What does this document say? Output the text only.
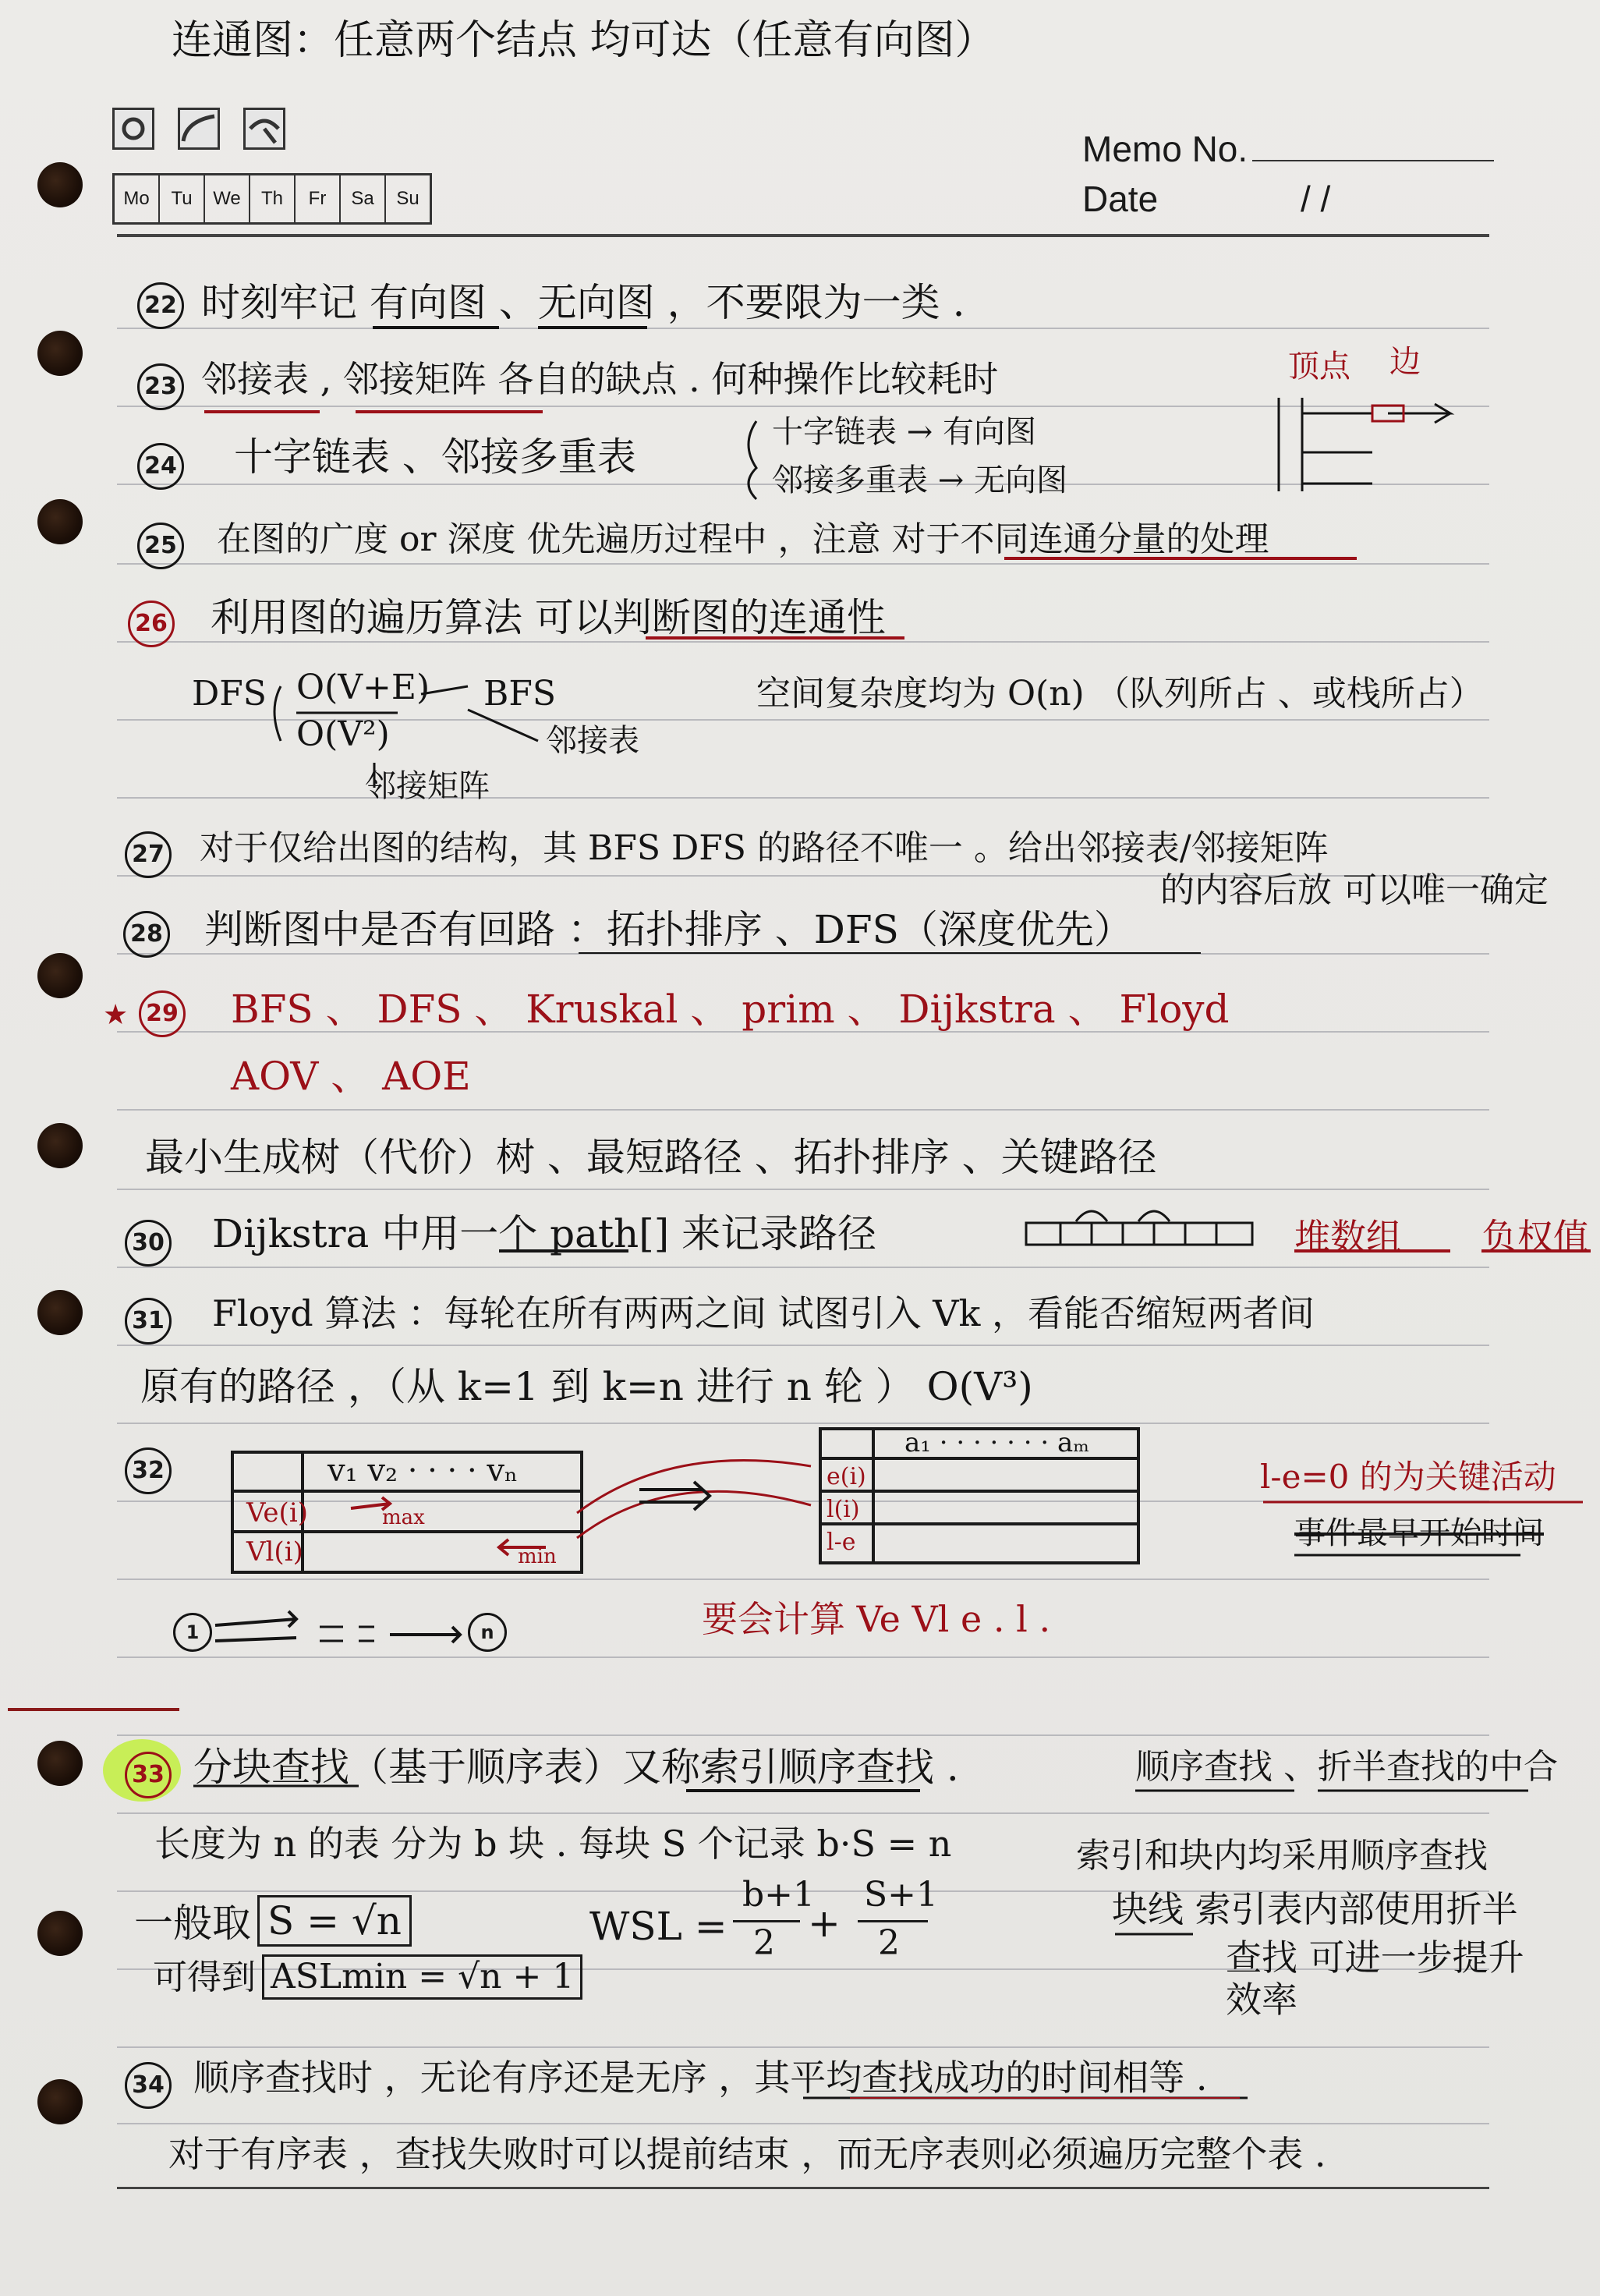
连通图：任意两个结点 均可达（任意有向图）
Mo	Tu	We	Th	Fr	Sa	Su
Memo No.
Date	/ /
22 时刻牢记 有向图 、无向图 ，不要限为一类 .
23 邻接表 , 邻接矩阵 各自的缺点 . 何种操作比较耗时	顶点 边
24 十字链表 、邻接多重表
十字链表 → 有向图
邻接多重表 → 无向图
25 在图的广度 or 深度 优先遍历过程中 ，注意 对于不同连通分量的处理
26 利用图的遍历算法 可以判断图的连通性
DFS O(V+E)
O(V²)
BFS
邻接表
邻接矩阵
空间复杂度均为 O(n) （队列所占 、或栈所占）
27 对于仅给出图的结构，其 BFS DFS 的路径不唯一 。给出邻接表/邻接矩阵
的内容后放 可以唯一确定
28 判断图中是否有回路 ：拓扑排序 、DFS（深度优先）
★ 29 BFS 、 DFS 、 Kruskal 、 prim 、 Dijkstra 、 Floyd
AOV 、 AOE
最小生成树（代价）树 、最短路径 、拓扑排序 、关键路径
30 Dijkstra 中用一个 path[] 来记录路径	堆数组 负权值
31 Floyd 算法 ：每轮在所有两两之间 试图引入 Vk ，看能否缩短两者间
原有的路径 ，（从 k=1 到 k=n 进行 n 轮 ） O(V³)
32	v₁ v₂ · · · · vₙ
Ve(i)
Vl(i)
max
min
a₁ · · · · · · · aₘ
e(i)
l(i)
l-e
l-e=0 的为关键活动
事件最早开始时间
1	n	要会计算 Ve Vl e . l .
33 分块查找（基于顺序表）又称索引顺序查找 .	顺序查找 、折半查找的中合
长度为 n 的表 分为 b 块 . 每块 S 个记录 b·S = n	索引和块内均采用顺序查找
一般取 S = √n
可得到 ASLmin = √n + 1
WSL =
b+1
2 +
S+1
2
块线 索引表内部使用折半
查找 可进一步提升
效率
34 顺序查找时 ，无论有序还是无序 ，其平均查找成功的时间相等 .
对于有序表 ，查找失败时可以提前结束 ，而无序表则必须遍历完整个表 .
